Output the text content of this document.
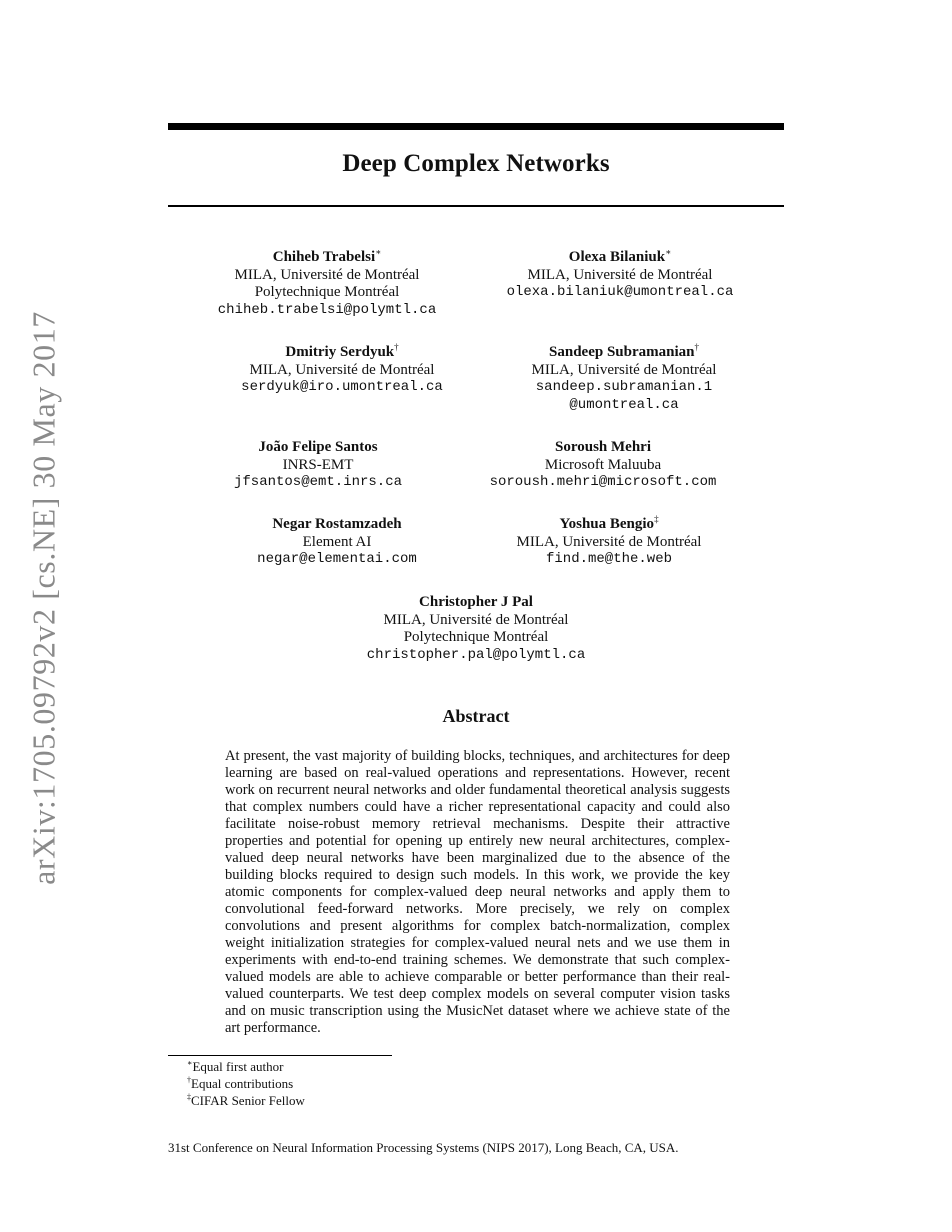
arXiv:1705.09792v2 [cs.NE] 30 May 2017
Deep Complex Networks
Chiheb Trabelsi∗
MILA, Université de Montréal
Polytechnique Montréal
chiheb.trabelsi@polymtl.ca
Olexa Bilaniuk∗
MILA, Université de Montréal
olexa.bilaniuk@umontreal.ca
Dmitriy Serdyuk†
MILA, Université de Montréal
serdyuk@iro.umontreal.ca
Sandeep Subramanian†
MILA, Université de Montréal
sandeep.subramanian.1
@umontreal.ca
João Felipe Santos
INRS-EMT
jfsantos@emt.inrs.ca
Soroush Mehri
Microsoft Maluuba
soroush.mehri@microsoft.com
Negar Rostamzadeh
Element AI
negar@elementai.com
Yoshua Bengio‡
MILA, Université de Montréal
find.me@the.web
Christopher J Pal
MILA, Université de Montréal
Polytechnique Montréal
christopher.pal@polymtl.ca
Abstract

At present, the vast majority of building blocks, techniques, and architectures for deep learning are based on real-valued operations and representations. However, recent work on recurrent neural networks and older fundamental theoretical analysis suggests that complex numbers could have a richer representational capacity and could also facilitate noise-robust memory retrieval mechanisms. Despite their attractive properties and potential for opening up entirely new neural architectures, complex-valued deep neural networks have been marginalized due to the absence of the building blocks required to design such models. In this work, we provide the key atomic components for complex-valued deep neural networks and apply them to convolutional feed-forward networks. More precisely, we rely on complex convolutions and present algorithms for complex batch-normalization, complex weight initialization strategies for complex-valued neural nets and we use them in experiments with end-to-end training schemes. We demonstrate that such complex-valued models are able to achieve comparable or better performance than their real-valued counterparts. We test deep complex models on several computer vision tasks and on music transcription using the MusicNet dataset where we achieve state of the art performance.

∗Equal first author
†Equal contributions
‡CIFAR Senior Fellow
31st Conference on Neural Information Processing Systems (NIPS 2017), Long Beach, CA, USA.
